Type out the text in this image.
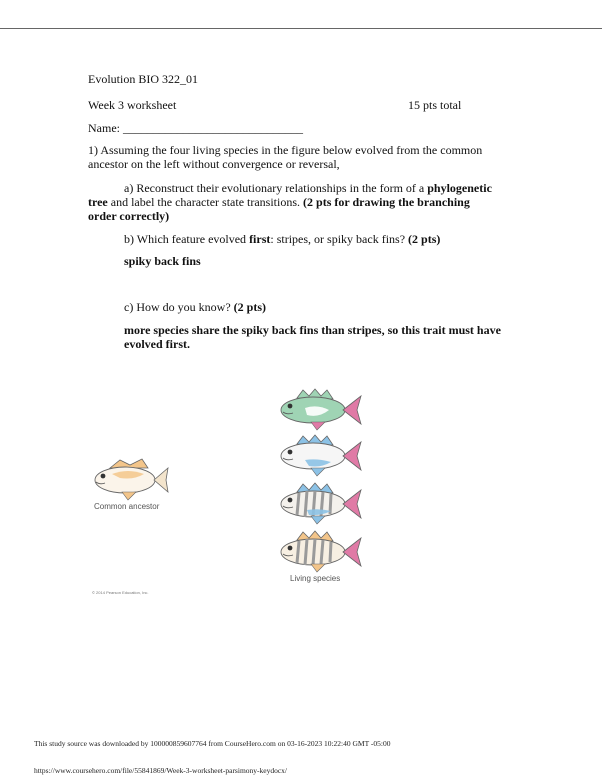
Evolution BIO 322_01
Week 3 worksheet	15 pts total
Name: ______________________________
1) Assuming the four living species in the figure below evolved from the common ancestor on the left without convergence or reversal,
a) Reconstruct their evolutionary relationships in the form of a phylogenetic tree and label the character state transitions. (2 pts for drawing the branching order correctly)
b) Which feature evolved first: stripes, or spiky back fins? (2 pts)
spiky back fins
c) How do you know? (2 pts)
more species share the spiky back fins than stripes, so this trait must have evolved first.
Common ancestor
Living species
© 2014 Pearson Education, Inc.
This study source was downloaded by 100000859607764 from CourseHero.com on 03-16-2023 10:22:40 GMT -05:00
https://www.coursehero.com/file/55841869/Week-3-worksheet-parsimony-keydocx/
